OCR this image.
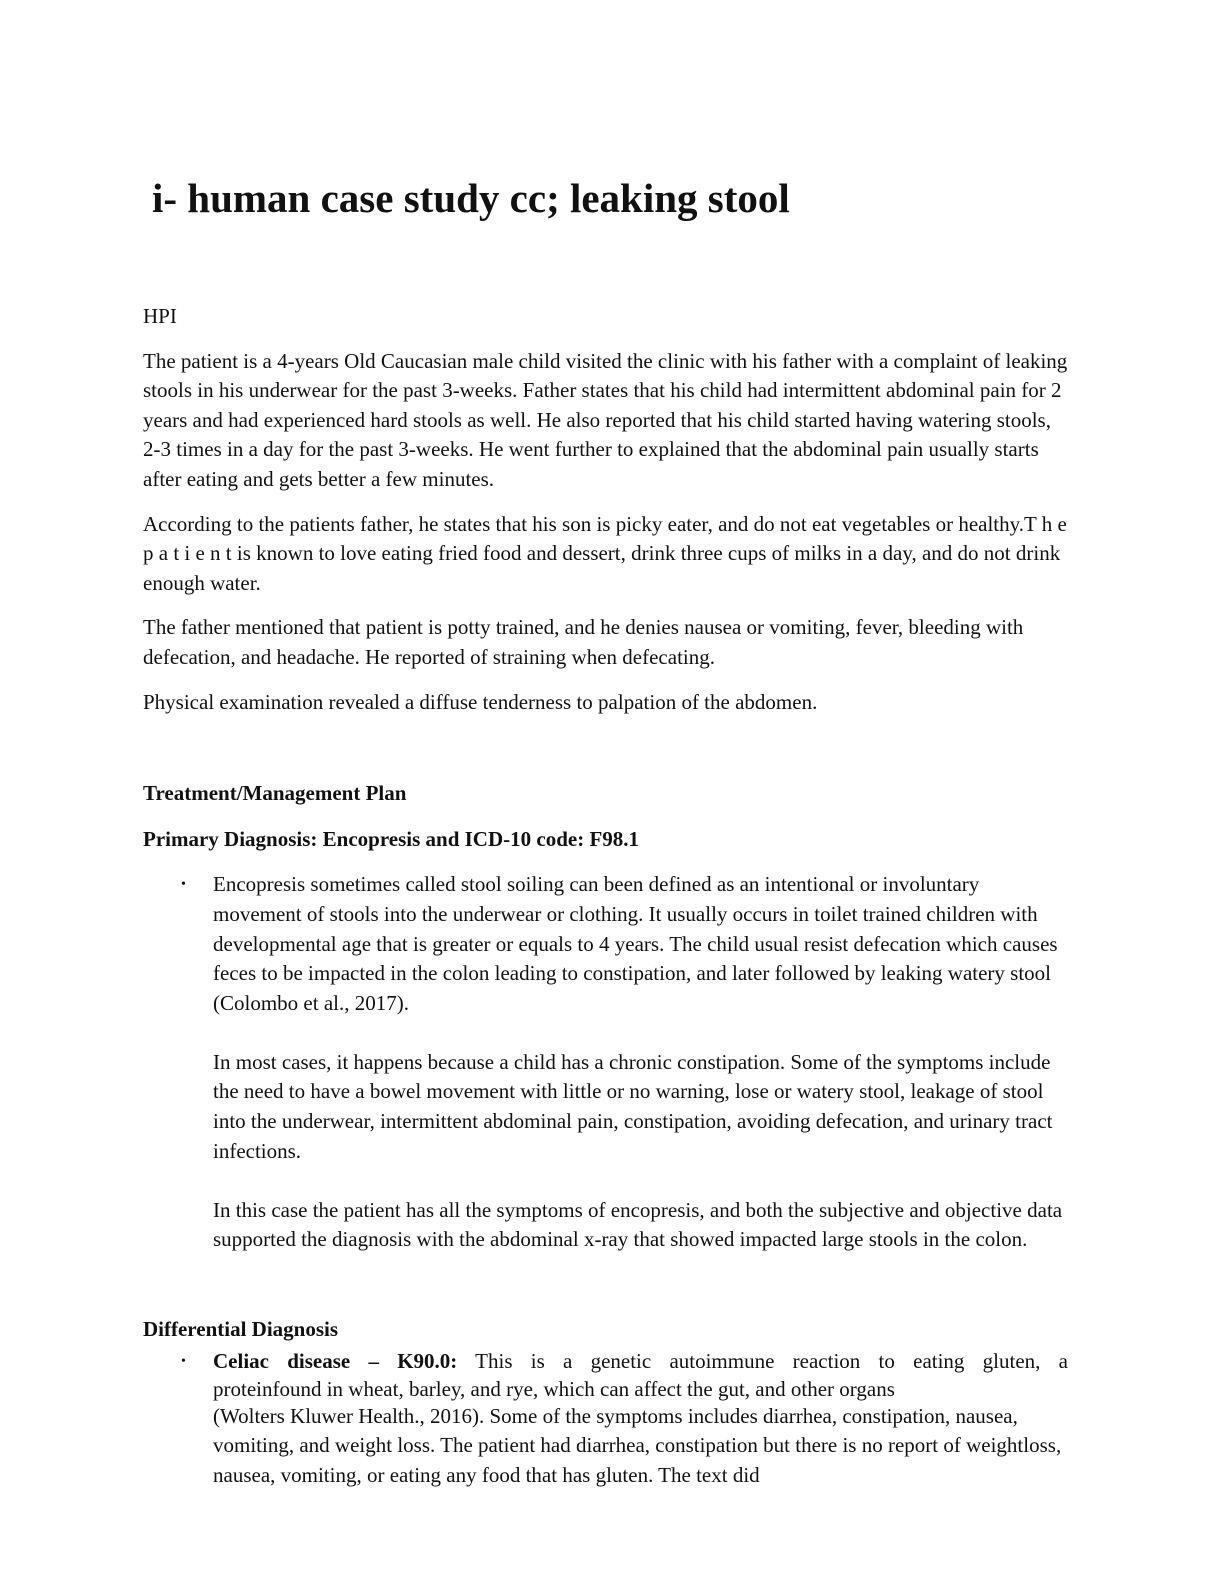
i- human case study cc; leaking stool

HPI

The patient is a 4-years Old Caucasian male child visited the clinic with his father with a complaint of leaking stools in his underwear for the past 3-weeks. Father states that his child had intermittent abdominal pain for 2 years and had experienced hard stools as well. He also reported that his child started having watering stools, 2-3 times in a day for the past 3-weeks. He went further to explained that the abdominal pain usually starts after eating and gets better a few minutes.

According to the patients father, he states that his son is picky eater, and do not eat vegetables or healthy.T h e p a t i e n t is known to love eating fried food and dessert, drink three cups of milks in a day, and do not drink enough water.

The father mentioned that patient is potty trained, and he denies nausea or vomiting, fever, bleeding with defecation, and headache. He reported of straining when defecating.

Physical examination revealed a diffuse tenderness to palpation of the abdomen.

Treatment/Management Plan

Primary Diagnosis: Encopresis and ICD-10 code: F98.1

• Encopresis sometimes called stool soiling can been defined as an intentional or involuntary movement of stools into the underwear or clothing. It usually occurs in toilet trained children with developmental age that is greater or equals to 4 years. The child usual resist defecation which causes feces to be impacted in the colon leading to constipation, and later followed by leaking watery stool (Colombo et al., 2017).

In most cases, it happens because a child has a chronic constipation. Some of the symptoms include the need to have a bowel movement with little or no warning, lose or watery stool, leakage of stool into the underwear, intermittent abdominal pain, constipation, avoiding defecation, and urinary tract infections.

In this case the patient has all the symptoms of encopresis, and both the subjective and objective data supported the diagnosis with the abdominal x-ray that showed impacted large stools in the colon.

Differential Diagnosis

• Celiac disease – K90.0: This is a genetic autoimmune reaction to eating gluten, a

proteinfound in wheat, barley, and rye, which can affect the gut, and other organs

(Wolters Kluwer Health., 2016). Some of the symptoms includes diarrhea, constipation, nausea, vomiting, and weight loss. The patient had diarrhea, constipation but there is no report of weightloss, nausea, vomiting, or eating any food that has gluten. The text did
